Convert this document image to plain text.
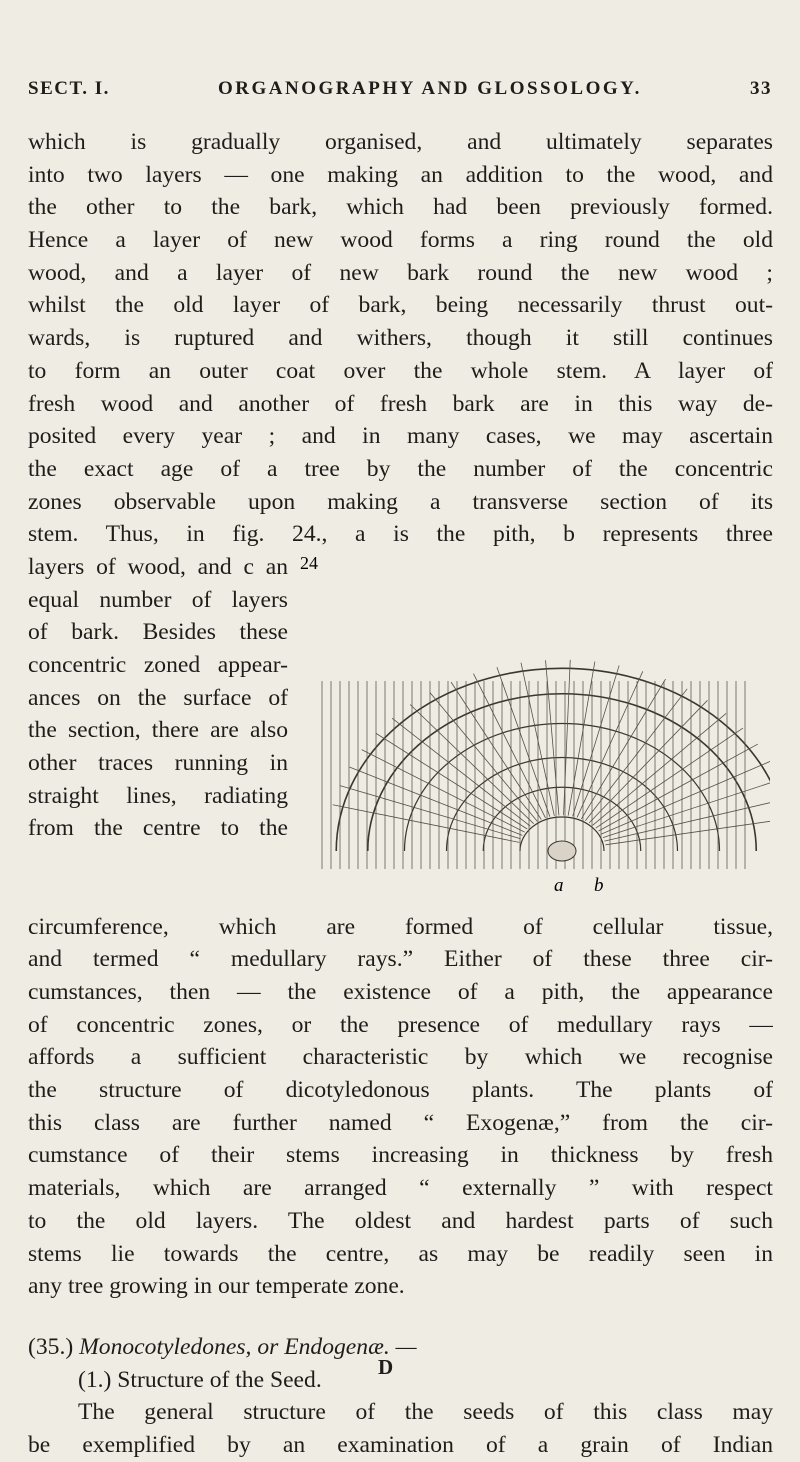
SECT. I.	ORGANOGRAPHY AND GLOSSOLOGY.	33
which is gradually organised, and ultimately separates
into two layers — one making an addition to the wood, and
the other to the bark, which had been previously formed.
Hence a layer of new wood forms a ring round the old
wood, and a layer of new bark round the new wood ;
whilst the old layer of bark, being necessarily thrust out-
wards, is ruptured and withers, though it still continues
to form an outer coat over the whole stem. A layer of
fresh wood and another of fresh bark are in this way de-
posited every year ; and in many cases, we may ascertain
the exact age of a tree by the number of the concentric
zones observable upon making a transverse section of its
stem. Thus, in fig. 24., a is the pith, b represents three
layers of wood, and c an
equal number of layers
of bark. Besides these
concentric zoned appear-
ances on the surface of
the section, there are also
other traces running in
straight lines, radiating
from the centre to the
24
a b
circumference, which are formed of cellular tissue,
and termed “ medullary rays.” Either of these three cir-
cumstances, then — the existence of a pith, the appearance
of concentric zones, or the presence of medullary rays —
affords a sufficient characteristic by which we recognise
the structure of dicotyledonous plants. The plants of
this class are further named “ Exogenæ,” from the cir-
cumstance of their stems increasing in thickness by fresh
materials, which are arranged “ externally ” with respect
to the old layers. The oldest and hardest parts of such
stems lie towards the centre, as may be readily seen in
any tree growing in our temperate zone.
(35.) Monocotyledones, or Endogenæ. —
(1.) Structure of the Seed.
The general structure of the seeds of this class may
be exemplified by an examination of a grain of Indian
D
